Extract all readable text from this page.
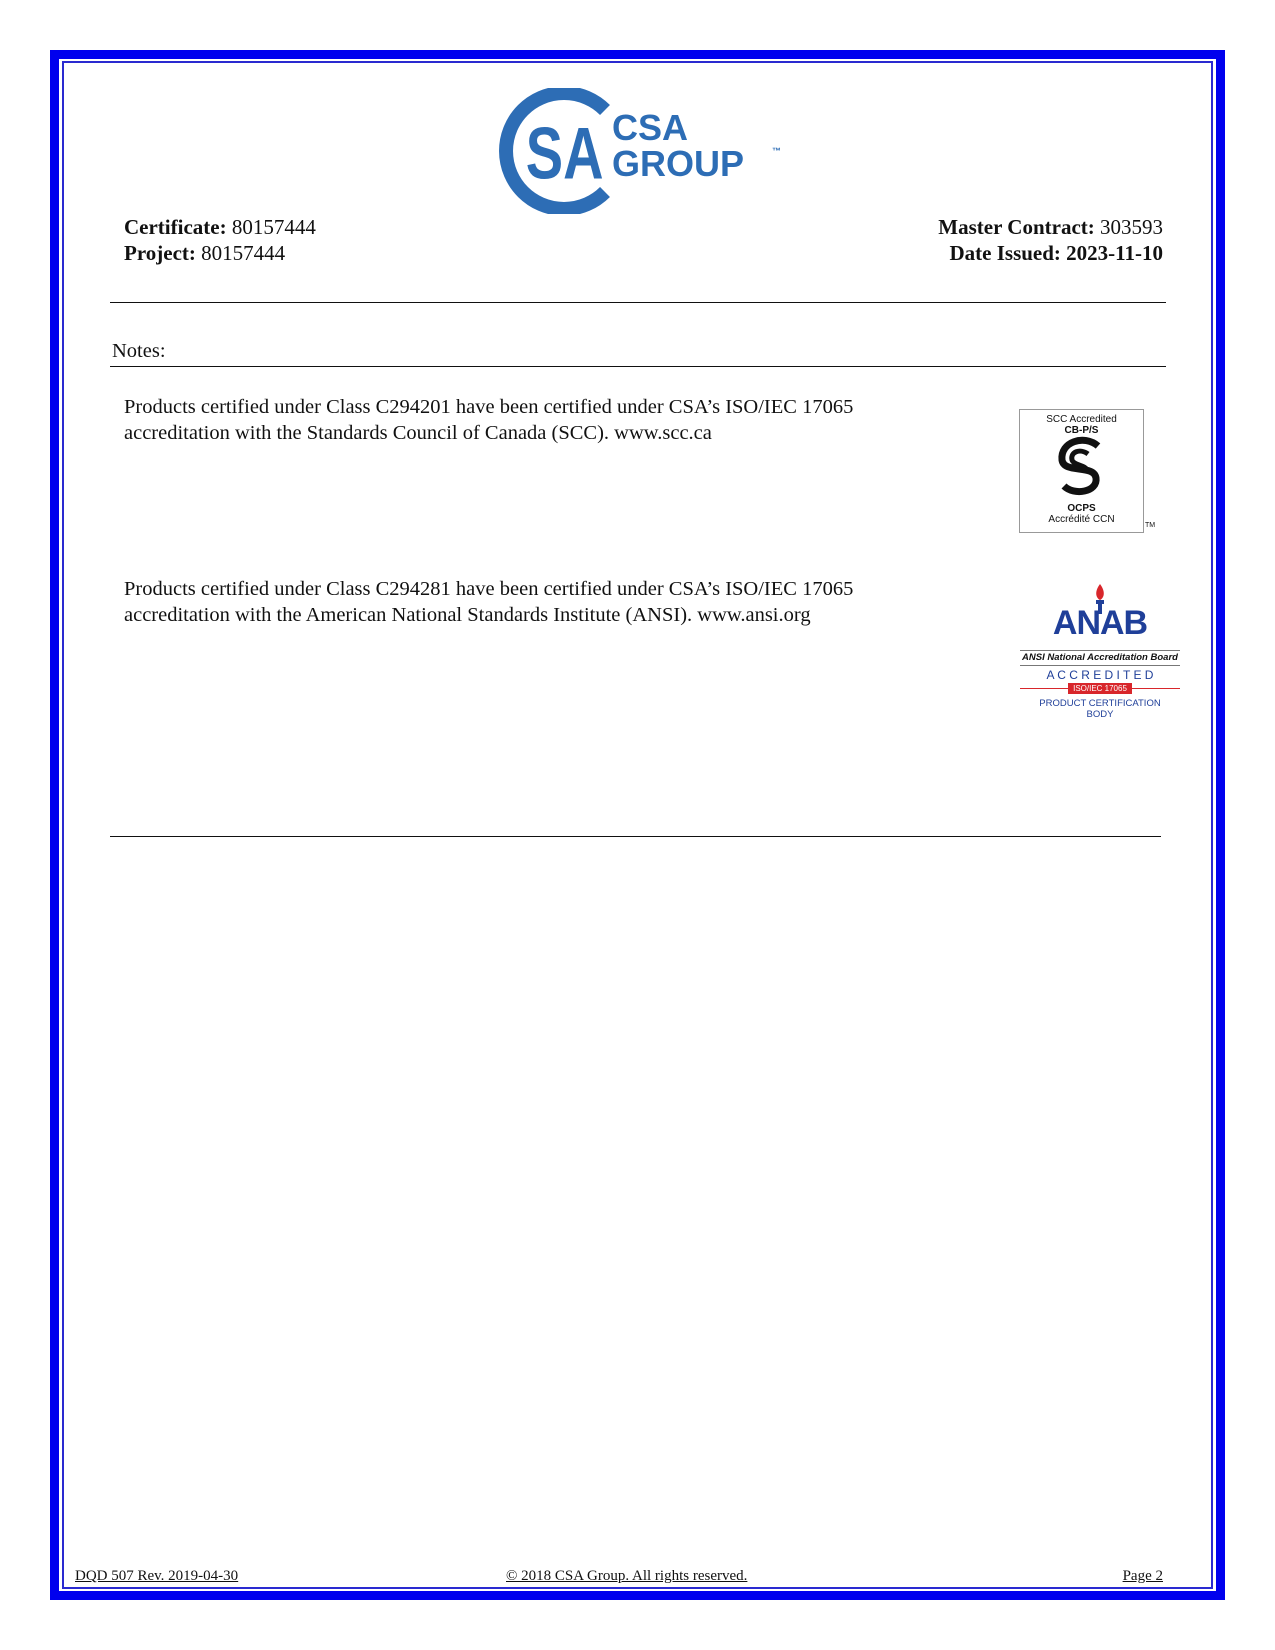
SA CSA
GROUP	™
Certificate: 80157444
Project: 80157444
Master Contract: 303593
Date Issued: 2023-11-10
Notes:
Products certified under Class C294201 have been certified under CSA’s ISO/IEC 17065
accreditation with the Standards Council of Canada (SCC). www.scc.ca
Products certified under Class C294281 have been certified under CSA’s ISO/IEC 17065
accreditation with the American National Standards Institute (ANSI). www.ansi.org
SCC Accredited
CB-P/S
OCPS
Accrédité CCN
TM
ANAB
ANSI National Accreditation Board
A C C R E D I T E D
ISO/IEC 17065
PRODUCT CERTIFICATION
BODY
DQD 507 Rev. 2019-04-30	© 2018 CSA Group. All rights reserved.	Page 2
